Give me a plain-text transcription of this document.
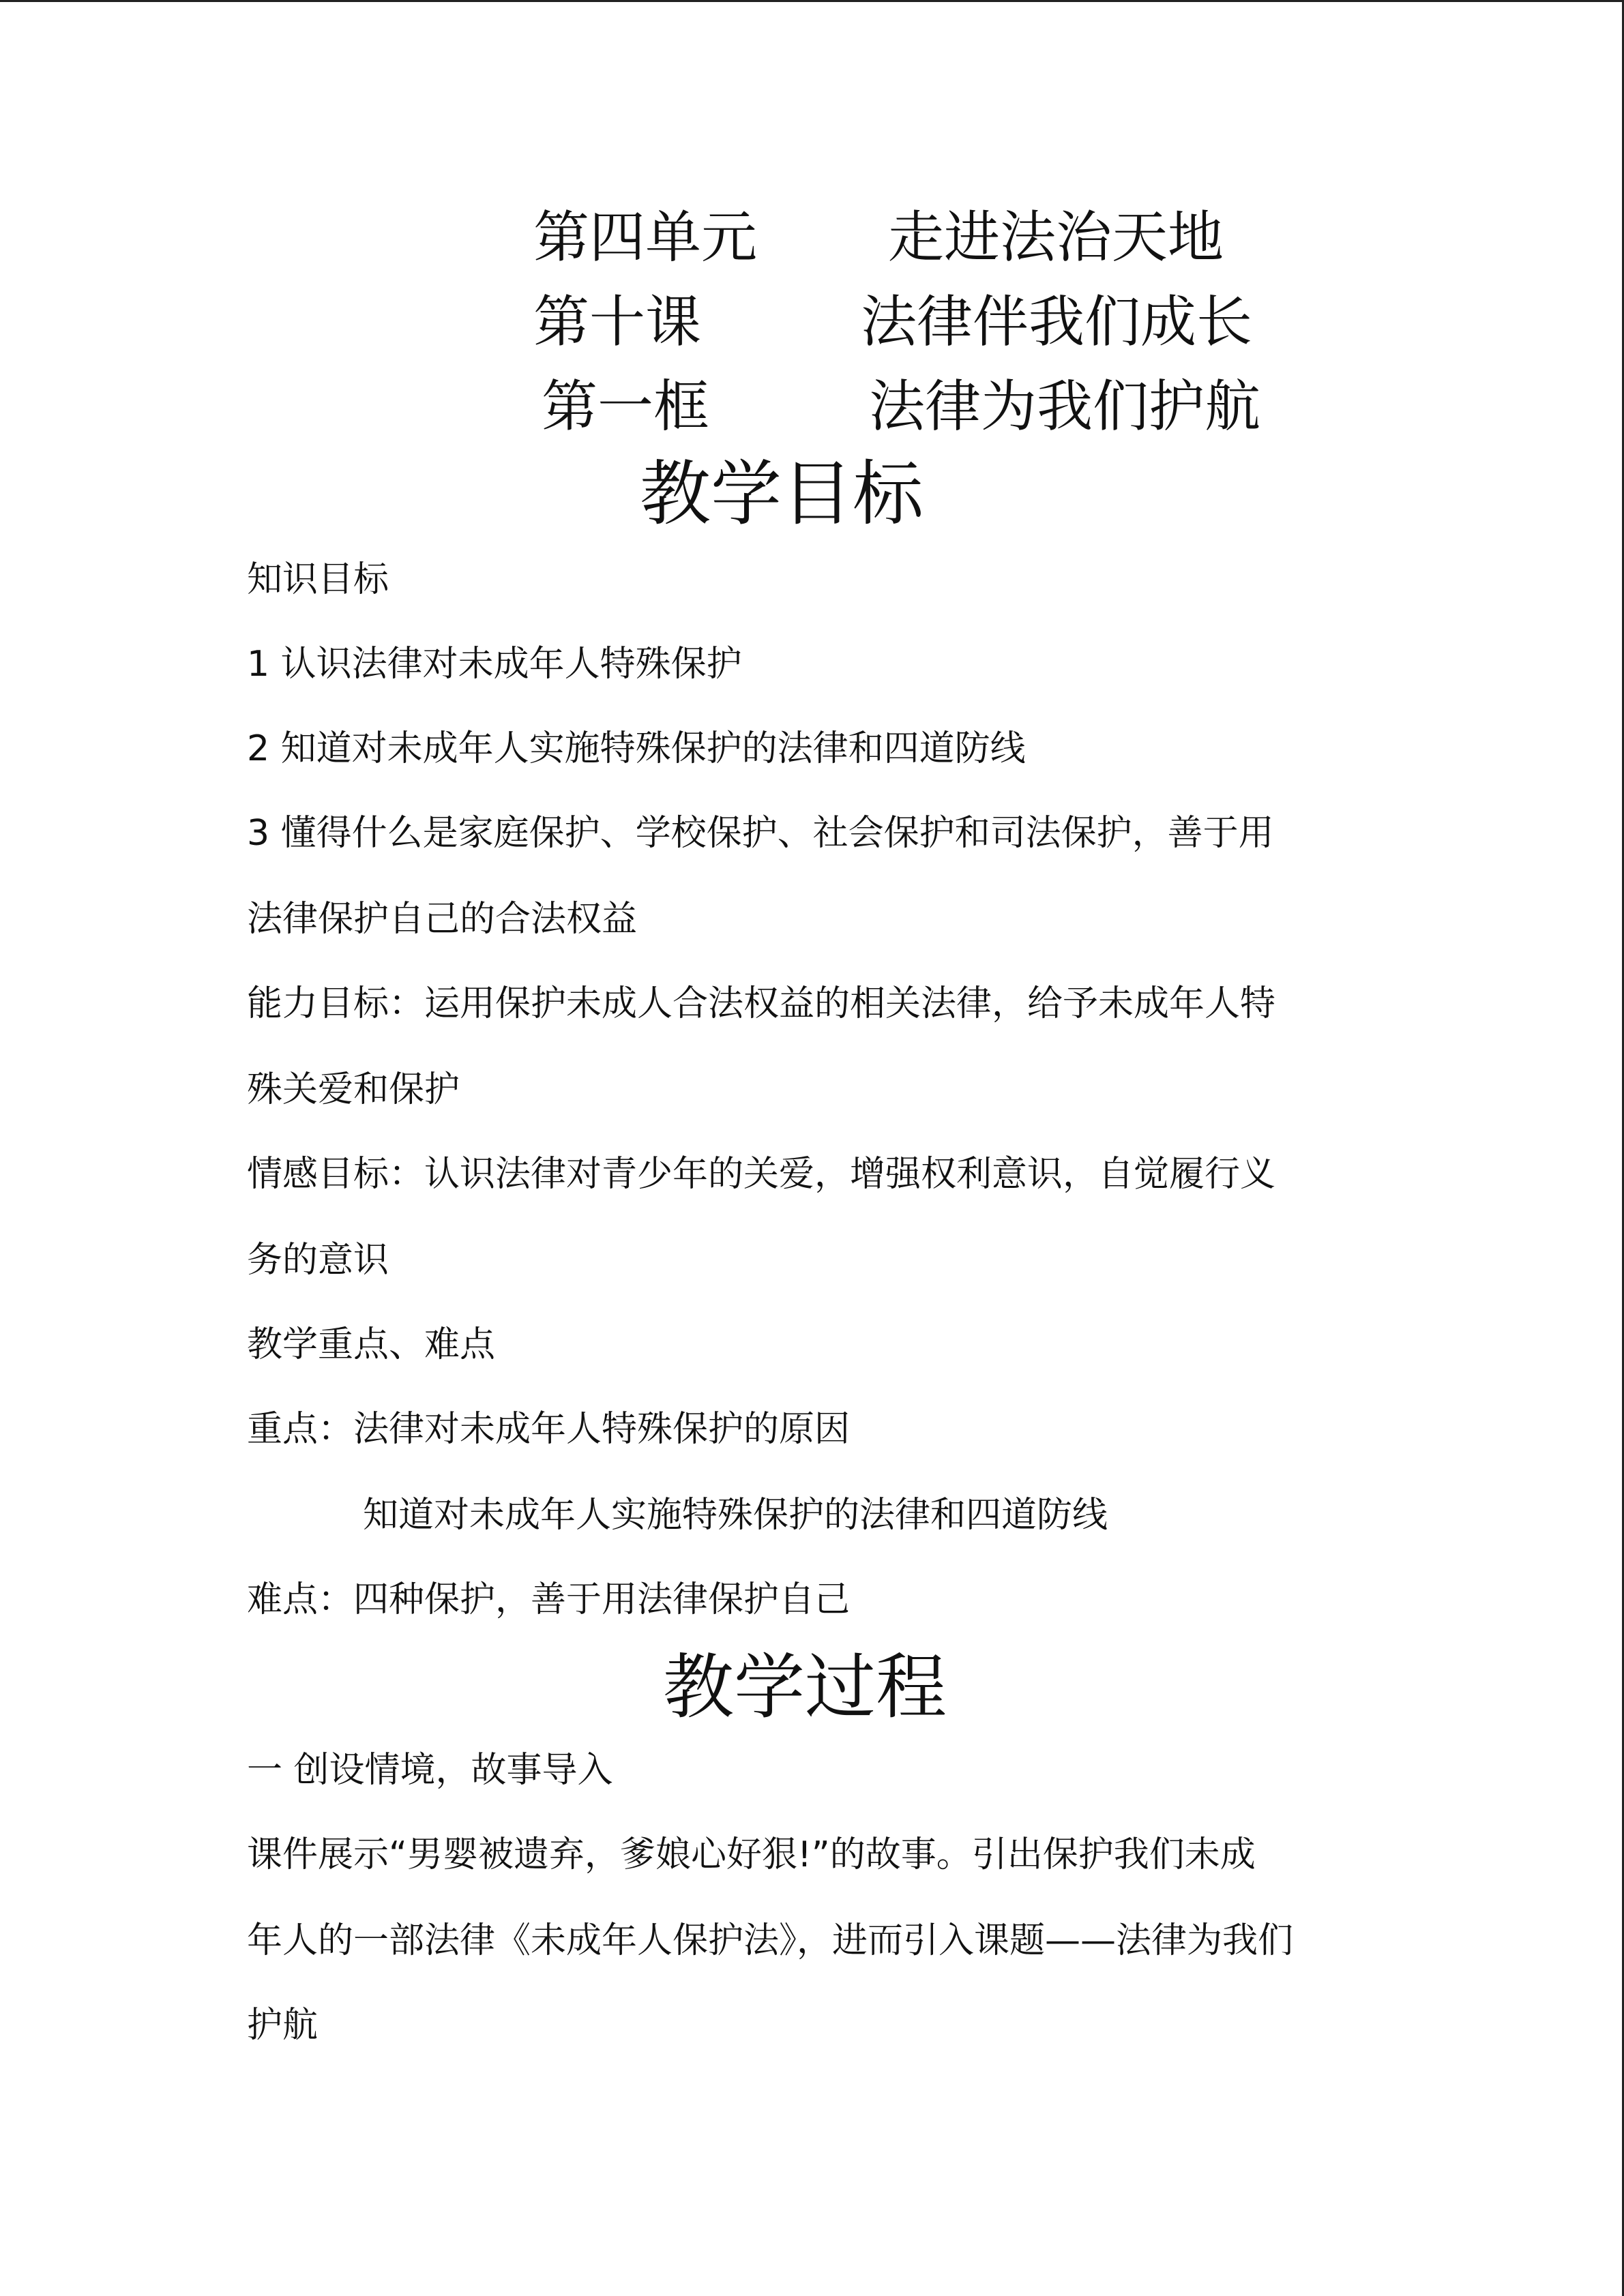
第四单元 走进法治天地
第十课	法律伴我们成长
第一框	法律为我们护航
教学目标
知识目标
1 认识法律对未成年人特殊保护
2 知道对未成年人实施特殊保护的法律和四道防线
3 懂得什么是家庭保护、学校保护、社会保护和司法保护，善于用
法律保护自己的合法权益
能力目标：运用保护未成人合法权益的相关法律，给予未成年人特
殊关爱和保护
情感目标：认识法律对青少年的关爱，增强权利意识，自觉履行义
务的意识
教学重点、难点
重点：法律对未成年人特殊保护的原因
知道对未成年人实施特殊保护的法律和四道防线
难点：四种保护，善于用法律保护自己
教学过程
一 创设情境，故事导入
课件展示“男婴被遗弃，爹娘心好狠!”的故事。引出保护我们未成
年人的一部法律《未成年人保护法》，进而引入课题——法律为我们
护航
